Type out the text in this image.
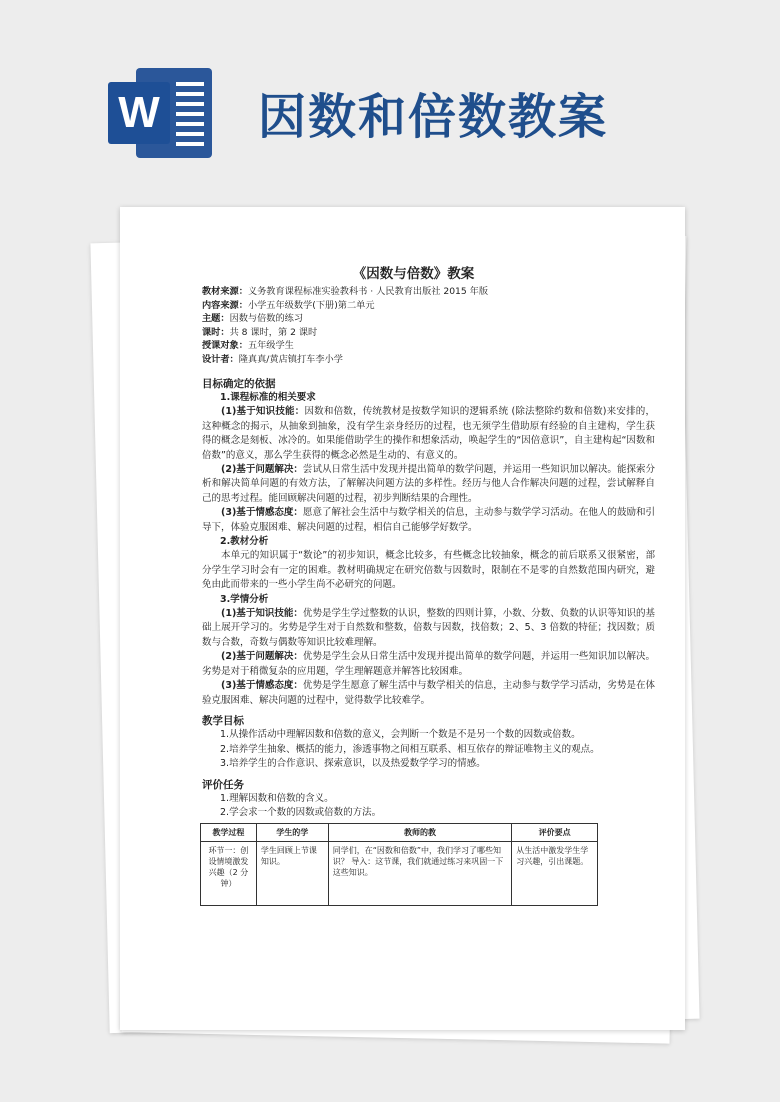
W 因数和倍数教案
《因数与倍数》教案
教材来源：义务教育课程标准实验教科书 · 人民教育出版社 2015 年版
内容来源：小学五年级数学(下册)第二单元
主题：因数与倍数的练习
课时：共 8 课时，第 2 课时
授课对象：五年级学生
设计者：隆真真/黄店镇打车李小学
目标确定的依据
1.课程标准的相关要求
(1)基于知识技能：因数和倍数，传统教材是按数学知识的逻辑系统 (除法整除约数和倍数)来安排的，这种概念的揭示，从抽象到抽象，没有学生亲身经历的过程，也无须学生借助原有经验的自主建构，学生获得的概念是刻板、冰冷的。如果能借助学生的操作和想象活动，唤起学生的“因倍意识”，自主建构起“因数和倍数”的意义，那么学生获得的概念必然是生动的、有意义的。
(2)基于问题解决：尝试从日常生活中发现并提出简单的数学问题，并运用一些知识加以解决。能探索分析和解决简单问题的有效方法，了解解决问题方法的多样性。经历与他人合作解决问题的过程，尝试解释自己的思考过程。能回顾解决问题的过程，初步判断结果的合理性。
(3)基于情感态度：愿意了解社会生活中与数学相关的信息，主动参与数学学习活动。在他人的鼓励和引导下，体验克服困难、解决问题的过程，相信自己能够学好数学。
2.教材分析
本单元的知识属于“数论”的初步知识，概念比较多，有些概念比较抽象，概念的前后联系又很紧密，部分学生学习时会有一定的困难。教材明确规定在研究倍数与因数时，限制在不是零的自然数范围内研究，避免由此而带来的一些小学生尚不必研究的问题。
3.学情分析
(1)基于知识技能：优势是学生学过整数的认识，整数的四则计算，小数、分数、负数的认识等知识的基础上展开学习的。劣势是学生对于自然数和整数，倍数与因数，找倍数；2、5、3 倍数的特征；找因数；质数与合数，奇数与偶数等知识比较难理解。
(2)基于问题解决：优势是学生会从日常生活中发现并提出简单的数学问题，并运用一些知识加以解决。劣势是对于稍微复杂的应用题，学生理解题意并解答比较困难。
(3)基于情感态度：优势是学生愿意了解生活中与数学相关的信息，主动参与数学学习活动，劣势是在体验克服困难、解决问题的过程中，觉得数学比较难学。
教学目标
1.从操作活动中理解因数和倍数的意义，会判断一个数是不是另一个数的因数或倍数。
2.培养学生抽象、概括的能力，渗透事物之间相互联系、相互依存的辩证唯物主义的观点。
3.培养学生的合作意识、探索意识，以及热爱数学学习的情感。
评价任务
1.理解因数和倍数的含义。
2.学会求一个数的因数或倍数的方法。
教学过程	学生的学	教师的教	评价要点
环节一：创设情境激发兴趣（2 分钟）	学生回顾上节课知识。	同学们，在“因数和倍数”中，我们学习了哪些知识？ 导入：这节课，我们就通过练习来巩固一下这些知识。	从生活中激发学生学习兴趣，引出课题。
